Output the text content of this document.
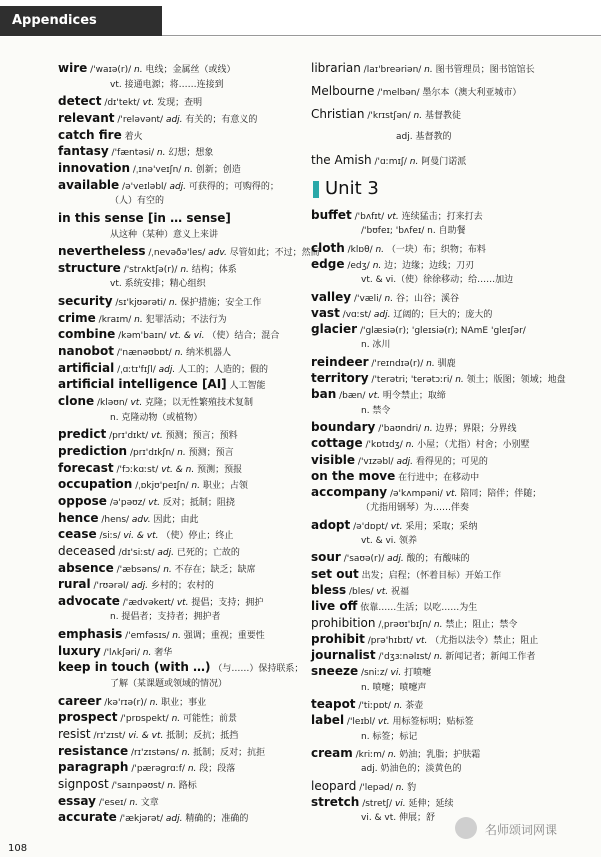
Appendices
wire /'waɪə(r)/ n. 电线；金属丝（或线）
vt. 接通电源；将……连接到
detect /dɪ'tekt/ vt. 发现；查明
relevant /'reləvənt/ adj. 有关的；有意义的
catch fire 着火
fantasy /'fæntəsi/ n. 幻想；想象
innovation /ˌɪnə'veɪʃn/ n. 创新；创造
available /ə'veɪləbl/ adj. 可获得的；可购得的；
（人）有空的
in this sense [in … sense]
从这种（某种）意义上来讲
nevertheless /ˌnevəðə'les/ adv. 尽管如此；不过；然而
structure /'strʌktʃə(r)/ n. 结构；体系
vt. 系统安排；精心组织
security /sɪ'kjʊərəti/ n. 保护措施；安全工作
crime /kraɪm/ n. 犯罪活动；不法行为
combine /kəm'baɪn/ vt. & vi. （使）结合；混合
nanobot /'nænəʊbɒt/ n. 纳米机器人
artificial /ˌɑːtɪ'fɪʃl/ adj. 人工的；人造的；假的
artificial intelligence [AI] 人工智能
clone /kləʊn/ vt. 克隆；以无性繁殖技术复制
n. 克隆动物（或植物）
predict /prɪ'dɪkt/ vt. 预测；预言；预料
prediction /prɪ'dɪkʃn/ n. 预测；预言
forecast /'fɔːkɑːst/ vt. & n. 预测；预报
occupation /ˌɒkjʊ'peɪʃn/ n. 职业；占领
oppose /ə'pəʊz/ vt. 反对；抵制；阻挠
hence /hens/ adv. 因此；由此
cease /siːs/ vi. & vt. （使）停止；终止
deceased /dɪ'siːst/ adj. 已死的；亡故的
absence /'æbsəns/ n. 不存在；缺乏；缺席
rural /'rʊərəl/ adj. 乡村的；农村的
advocate /'ædvəkeɪt/ vt. 提倡；支持；拥护
n. 提倡者；支持者；拥护者
emphasis /'emfəsɪs/ n. 强调；重视；重要性
luxury /'lʌkʃəri/ n. 奢华
keep in touch (with …) （与……）保持联系；
了解（某课题或领域的情况）
career /kə'rɪə(r)/ n. 职业；事业
prospect /'prɒspekt/ n. 可能性；前景
resist /rɪ'zɪst/ vi. & vt. 抵制；反抗；抵挡
resistance /rɪ'zɪstəns/ n. 抵制；反对；抗拒
paragraph /'pærəgrɑːf/ n. 段；段落
signpost /'saɪnpəʊst/ n. 路标
essay /'eseɪ/ n. 文章
accurate /'ækjərət/ adj. 精确的；准确的
librarian /laɪ'breəriən/ n. 图书管理员；图书馆馆长
Melbourne /'melbən/ 墨尔本（澳大利亚城市）
Christian /'krɪstʃən/ n. 基督教徒
adj. 基督教的
the Amish /'ɑːmɪʃ/ n. 阿曼门诺派
Unit 3
buffet /'bʌfɪt/ vt. 连续猛击；打来打去
/'bʊfeɪ; 'bʌfeɪ/ n. 自助餐
cloth /klɒθ/ n. （一块）布；织物；布料
edge /edʒ/ n. 边；边缘；边线；刀刃
vt. & vi.（使）徐徐移动；给……加边
valley /'væli/ n. 谷；山谷；溪谷
vast /vɑːst/ adj. 辽阔的；巨大的；庞大的
glacier /'glæsiə(r); 'gleɪsiə(r); NAmE 'gleɪʃər/
n. 冰川
reindeer /'reɪndɪə(r)/ n. 驯鹿
territory /'terətri; 'terətɔːri/ n. 领土；版图；领域；地盘
ban /bæn/ vt. 明令禁止；取缔
n. 禁令
boundary /'baʊndri/ n. 边界；界限；分界线
cottage /'kɒtɪdʒ/ n. 小屋；（尤指）村舍；小别墅
visible /'vɪzəbl/ adj. 看得见的；可见的
on the move 在行进中；在移动中
accompany /ə'kʌmpəni/ vt. 陪同；陪伴；伴随；
（尤指用钢琴）为……伴奏
adopt /ə'dɒpt/ vt. 采用；采取；采纳
vt. & vi. 领养
sour /'saʊə(r)/ adj. 酸的；有酸味的
set out 出发；启程；（怀着目标）开始工作
bless /bles/ vt. 祝福
live off 依靠……生活；以吃……为生
prohibition /ˌprəʊɪ'bɪʃn/ n. 禁止；阻止；禁令
prohibit /prə'hɪbɪt/ vt. （尤指以法令）禁止；阻止
journalist /'dʒɜːnəlɪst/ n. 新闻记者；新闻工作者
sneeze /sniːz/ vi. 打喷嚏
n. 喷嚏；喷嚏声
teapot /'tiːpɒt/ n. 茶壶
label /'leɪbl/ vt. 用标签标明；贴标签
n. 标签；标记
cream /kriːm/ n. 奶油；乳脂；护肤霜
adj. 奶油色的；淡黄色的
leopard /'lepəd/ n. 豹
stretch /stretʃ/ vi. 延伸；延续
vi. & vt. 伸展；舒
108
名师颂词网课
